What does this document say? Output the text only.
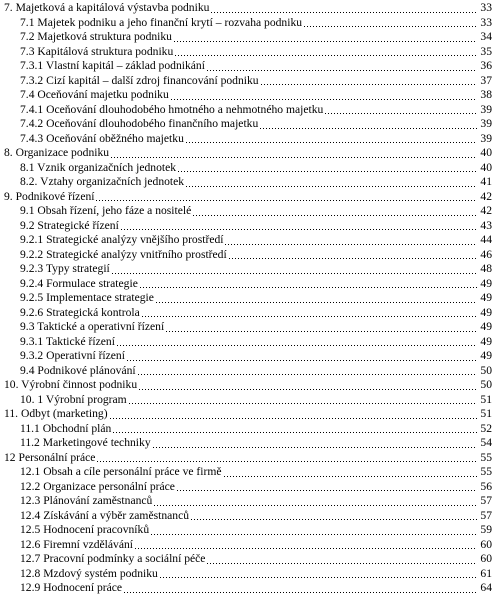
7. Majetková a kapitálová výstavba podniku	33
7.1 Majetek podniku a jeho finanční krytí – rozvaha podniku	33
7.2 Majetková struktura podniku	34
7.3 Kapitálová struktura podniku	35
7.3.1 Vlastní kapitál – základ podnikání	36
7.3.2 Cizí kapitál – další zdroj financování podniku	37
7.4 Oceňování majetku podniku	38
7.4.1 Oceňování dlouhodobého hmotného a nehmotného majetku	39
7.4.2 Oceňování dlouhodobého finančního majetku	39
7.4.3 Oceňování oběžného majetku	39
8. Organizace podniku	40
8.1 Vznik organizačních jednotek	40
8.2. Vztahy organizačních jednotek	41
9. Podnikové řízení	42
9.1 Obsah řízení, jeho fáze a nositelé	42
9.2 Strategické řízení	43
9.2.1 Strategické analýzy vnějšího prostředí	44
9.2.2 Strategické analýzy vnitřního prostředí	46
9.2.3 Typy strategií	48
9.2.4 Formulace strategie	49
9.2.5 Implementace strategie	49
9.2.6 Strategická kontrola	49
9.3 Taktické a operativní řízení	49
9.3.1 Taktické řízení	49
9.3.2 Operativní řízení	49
9.4 Podnikové plánování	50
10. Výrobní činnost podniku	50
10. 1 Výrobní program	51
11. Odbyt (marketing)	51
11.1 Obchodní plán	52
11.2 Marketingové techniky	54
12 Personální práce	55
12.1 Obsah a cíle personální práce ve firmě	55
12.2 Organizace personální práce	56
12.3 Plánování zaměstnanců	57
12.4 Získávání a výběr zaměstnanců	57
12.5 Hodnocení pracovníků	59
12.6 Firemní vzdělávání	60
12.7 Pracovní podmínky a sociální péče	60
12.8 Mzdový systém podniku	61
12.9 Hodnocení práce	64
